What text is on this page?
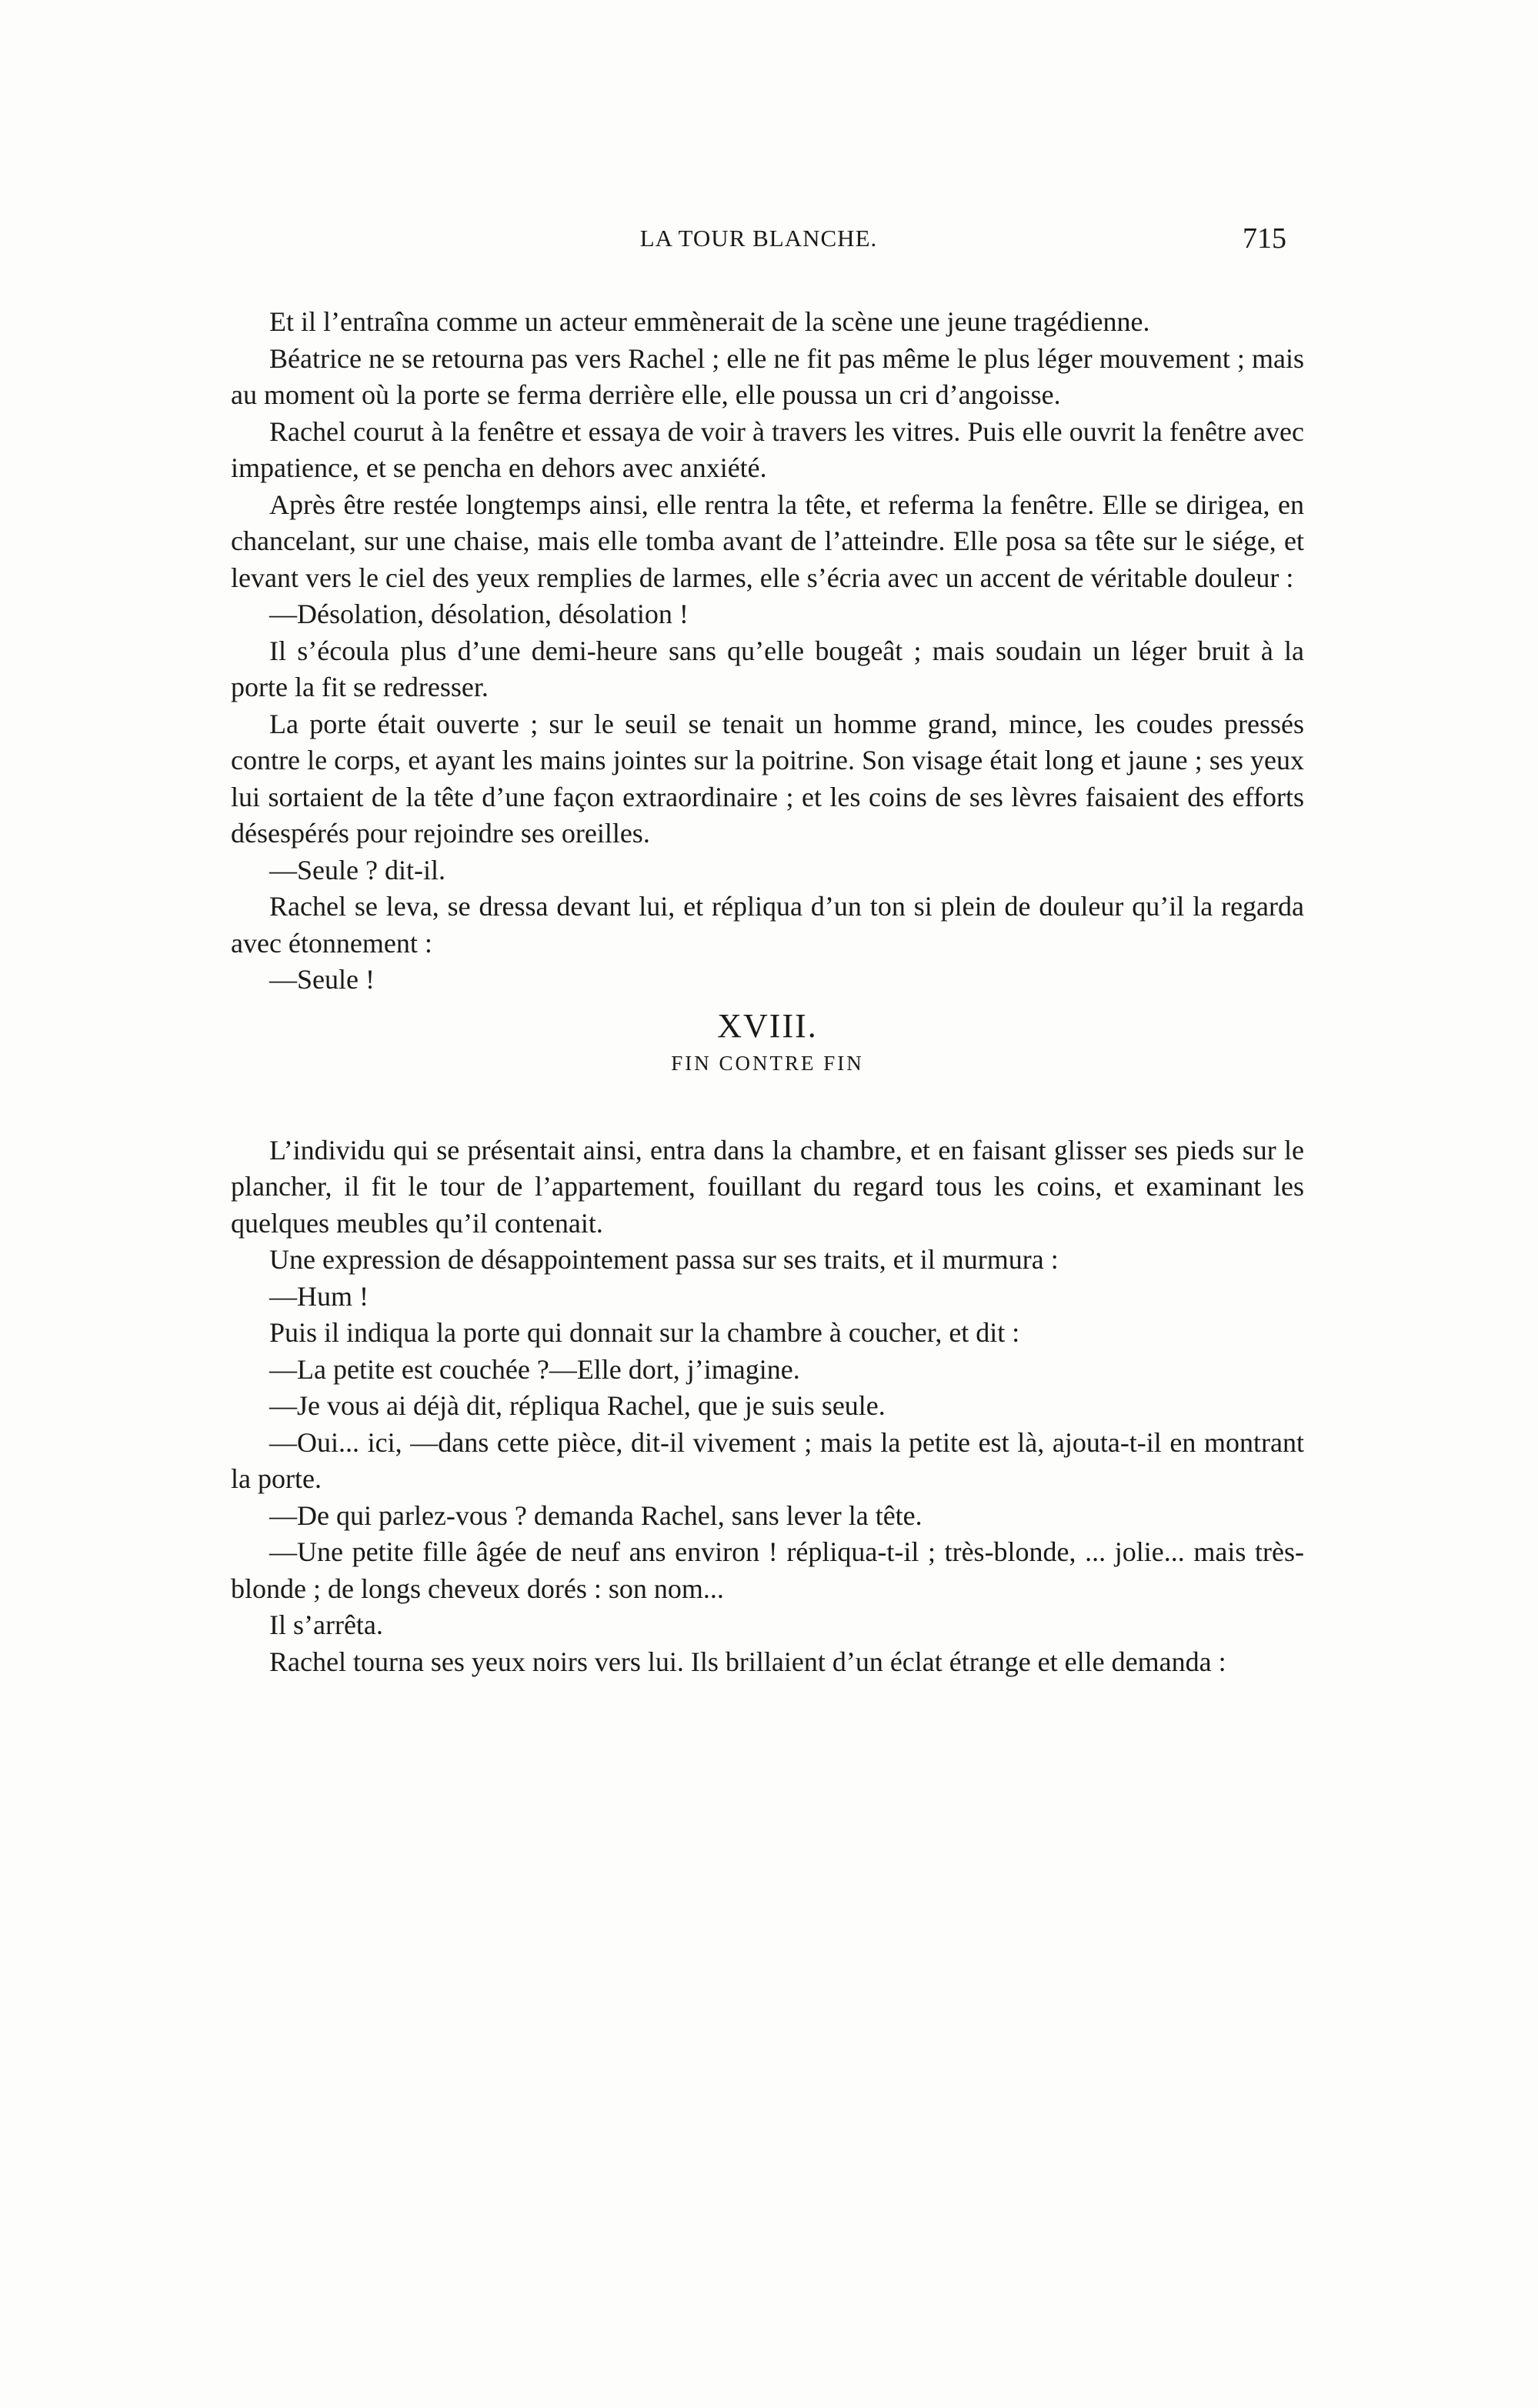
LA TOUR BLANCHE.	715

Et il l’entraîna comme un acteur emmènerait de la scène une jeune tragédienne.

Béatrice ne se retourna pas vers Rachel ; elle ne fit pas même le plus léger mouvement ; mais au moment où la porte se ferma derrière elle, elle poussa un cri d’angoisse.

Rachel courut à la fenêtre et essaya de voir à travers les vitres. Puis elle ouvrit la fenêtre avec impatience, et se pencha en dehors avec anxiété.

Après être restée longtemps ainsi, elle rentra la tête, et referma la fenêtre. Elle se dirigea, en chancelant, sur une chaise, mais elle tomba avant de l’atteindre. Elle posa sa tête sur le siége, et levant vers le ciel des yeux remplies de larmes, elle s’écria avec un accent de véritable douleur :

—Désolation, désolation, désolation !

Il s’écoula plus d’une demi-heure sans qu’elle bougeât ; mais soudain un léger bruit à la porte la fit se redresser.

La porte était ouverte ; sur le seuil se tenait un homme grand, mince, les coudes pressés contre le corps, et ayant les mains jointes sur la poitrine. Son visage était long et jaune ; ses yeux lui sortaient de la tête d’une façon extraordinaire ; et les coins de ses lèvres faisaient des efforts désespérés pour rejoindre ses oreilles.

—Seule ? dit-il.

Rachel se leva, se dressa devant lui, et répliqua d’un ton si plein de douleur qu’il la regarda avec étonnement :

—Seule !

XVIII.
FIN CONTRE FIN

L’individu qui se présentait ainsi, entra dans la chambre, et en faisant glisser ses pieds sur le plancher, il fit le tour de l’appartement, fouillant du regard tous les coins, et examinant les quelques meubles qu’il contenait.

Une expression de désappointement passa sur ses traits, et il murmura :

—Hum !

Puis il indiqua la porte qui donnait sur la chambre à coucher, et dit :

—La petite est couchée ?—Elle dort, j’imagine.

—Je vous ai déjà dit, répliqua Rachel, que je suis seule.

—Oui... ici, —dans cette pièce, dit-il vivement ; mais la petite est là, ajouta-t-il en montrant la porte.

—De qui parlez-vous ? demanda Rachel, sans lever la tête.

—Une petite fille âgée de neuf ans environ ! répliqua-t-il ; très-blonde, ... jolie... mais très-blonde ; de longs cheveux dorés : son nom...

Il s’arrêta.

Rachel tourna ses yeux noirs vers lui. Ils brillaient d’un éclat étrange et elle demanda :
